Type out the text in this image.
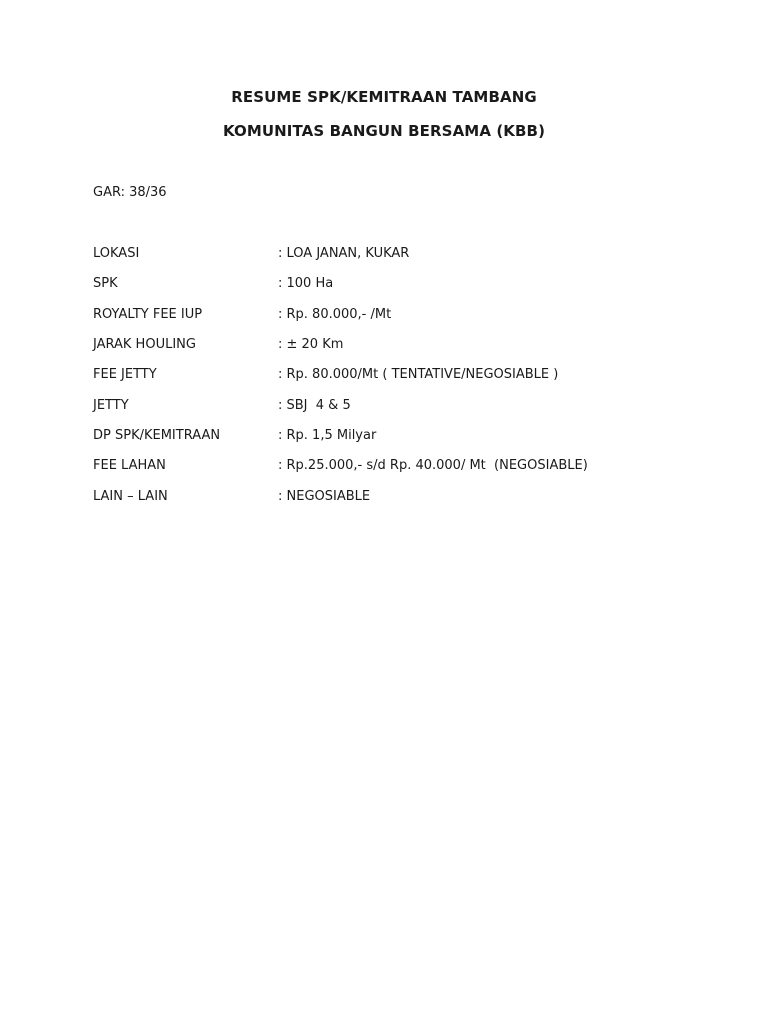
RESUME SPK/KEMITRAAN TAMBANG
KOMUNITAS BANGUN BERSAMA (KBB)
GAR: 38/36
LOKASI	: LOA JANAN, KUKAR
SPK	: 100 Ha
ROYALTY FEE IUP	: Rp. 80.000,- /Mt
JARAK HOULING	: ± 20 Km
FEE JETTY	: Rp. 80.000/Mt ( TENTATIVE/NEGOSIABLE )
JETTY	: SBJ  4 & 5
DP SPK/KEMITRAAN	: Rp. 1,5 Milyar
FEE LAHAN	: Rp.25.000,- s/d Rp. 40.000/ Mt  (NEGOSIABLE)
LAIN – LAIN	: NEGOSIABLE
